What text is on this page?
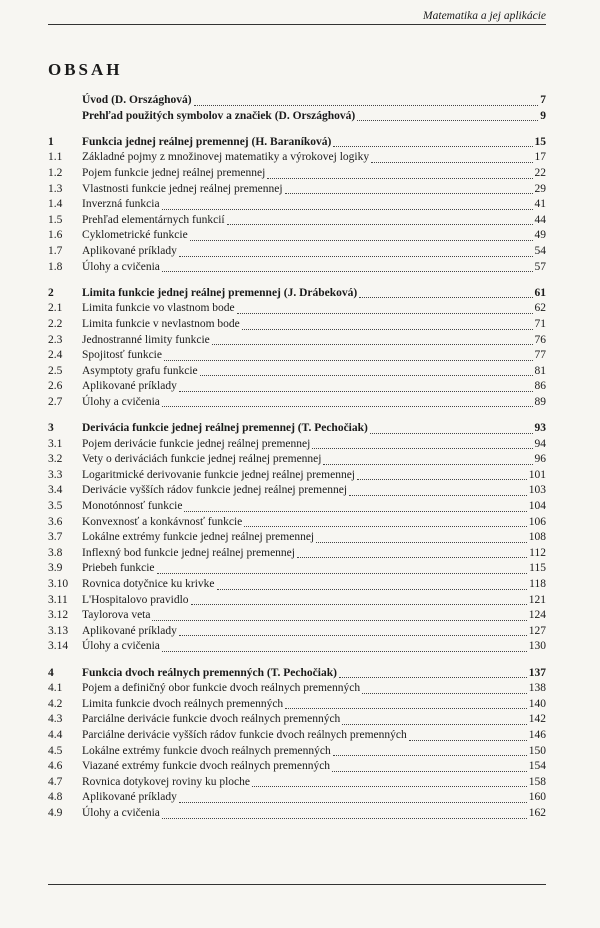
Matematika a jej aplikácie
OBSAH
Úvod (D. Országhová)	7
Prehľad použitých symbolov a značiek (D. Országhová)	9
1	Funkcia jednej reálnej premennej (H. Baraníková)	15
1.1	Základné pojmy z množinovej matematiky a výrokovej logiky	17
1.2	Pojem funkcie jednej reálnej premennej	22
1.3	Vlastnosti funkcie jednej reálnej premennej	29
1.4	Inverzná funkcia	41
1.5	Prehľad elementárnych funkcií	44
1.6	Cyklometrické funkcie	49
1.7	Aplikované príklady	54
1.8	Úlohy a cvičenia	57
2	Limita funkcie jednej reálnej premennej (J. Drábeková)	61
2.1	Limita funkcie vo vlastnom bode	62
2.2	Limita funkcie v nevlastnom bode	71
2.3	Jednostranné limity funkcie	76
2.4	Spojitosť funkcie	77
2.5	Asymptoty grafu funkcie	81
2.6	Aplikované príklady	86
2.7	Úlohy a cvičenia	89
3	Derivácia funkcie jednej reálnej premennej (T. Pechočiak)	93
3.1	Pojem derivácie funkcie jednej reálnej premennej	94
3.2	Vety o deriváciách funkcie jednej reálnej premennej	96
3.3	Logaritmické derivovanie funkcie jednej reálnej premennej	101
3.4	Derivácie vyšších rádov funkcie jednej reálnej premennej	103
3.5	Monotónnosť funkcie	104
3.6	Konvexnosť a konkávnosť funkcie	106
3.7	Lokálne extrémy funkcie jednej reálnej premennej	108
3.8	Inflexný bod funkcie jednej reálnej premennej	112
3.9	Priebeh funkcie	115
3.10	Rovnica dotyčnice ku krivke	118
3.11	L'Hospitalovo pravidlo	121
3.12	Taylorova veta	124
3.13	Aplikované príklady	127
3.14	Úlohy a cvičenia	130
4	Funkcia dvoch reálnych premenných (T. Pechočiak)	137
4.1	Pojem a definičný obor funkcie dvoch reálnych premenných	138
4.2	Limita funkcie dvoch reálnych premenných	140
4.3	Parciálne derivácie funkcie dvoch reálnych premenných	142
4.4	Parciálne derivácie vyšších rádov funkcie dvoch reálnych premenných	146
4.5	Lokálne extrémy funkcie dvoch reálnych premenných	150
4.6	Viazané extrémy funkcie dvoch reálnych premenných	154
4.7	Rovnica dotykovej roviny ku ploche	158
4.8	Aplikované príklady	160
4.9	Úlohy a cvičenia	162
